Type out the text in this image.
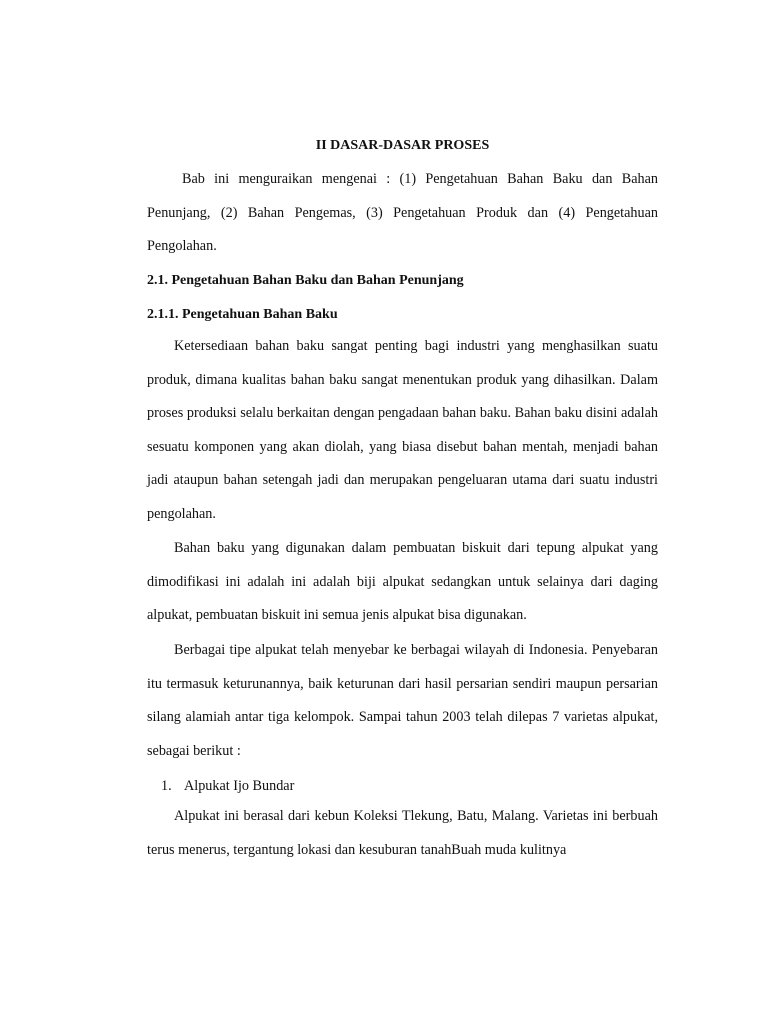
II DASAR-DASAR PROSES

Bab ini menguraikan mengenai : (1) Pengetahuan Bahan Baku dan Bahan Penunjang, (2) Bahan Pengemas, (3) Pengetahuan Produk dan (4) Pengetahuan Pengolahan.

2.1. Pengetahuan Bahan Baku dan Bahan Penunjang
2.1.1. Pengetahuan Bahan Baku

Ketersediaan bahan baku sangat penting bagi industri yang menghasilkan suatu produk, dimana kualitas bahan baku sangat menentukan produk yang dihasilkan. Dalam proses produksi selalu berkaitan dengan pengadaan bahan baku. Bahan baku disini adalah sesuatu komponen yang akan diolah, yang biasa disebut bahan mentah, menjadi bahan jadi ataupun bahan setengah jadi dan merupakan pengeluaran utama dari suatu industri pengolahan.

Bahan baku yang digunakan dalam pembuatan biskuit dari tepung alpukat yang dimodifikasi ini adalah ini adalah biji alpukat sedangkan untuk selainya dari daging alpukat, pembuatan biskuit ini semua jenis alpukat bisa digunakan.

Berbagai tipe alpukat telah menyebar ke berbagai wilayah di Indonesia. Penyebaran itu termasuk keturunannya, baik keturunan dari hasil persarian sendiri maupun persarian silang alamiah antar tiga kelompok. Sampai tahun 2003 telah dilepas 7 varietas alpukat, sebagai berikut :

1. Alpukat Ijo Bundar

Alpukat ini berasal dari kebun Koleksi Tlekung, Batu, Malang. Varietas ini berbuah terus menerus, tergantung lokasi dan kesuburan tanahBuah muda kulitnya
